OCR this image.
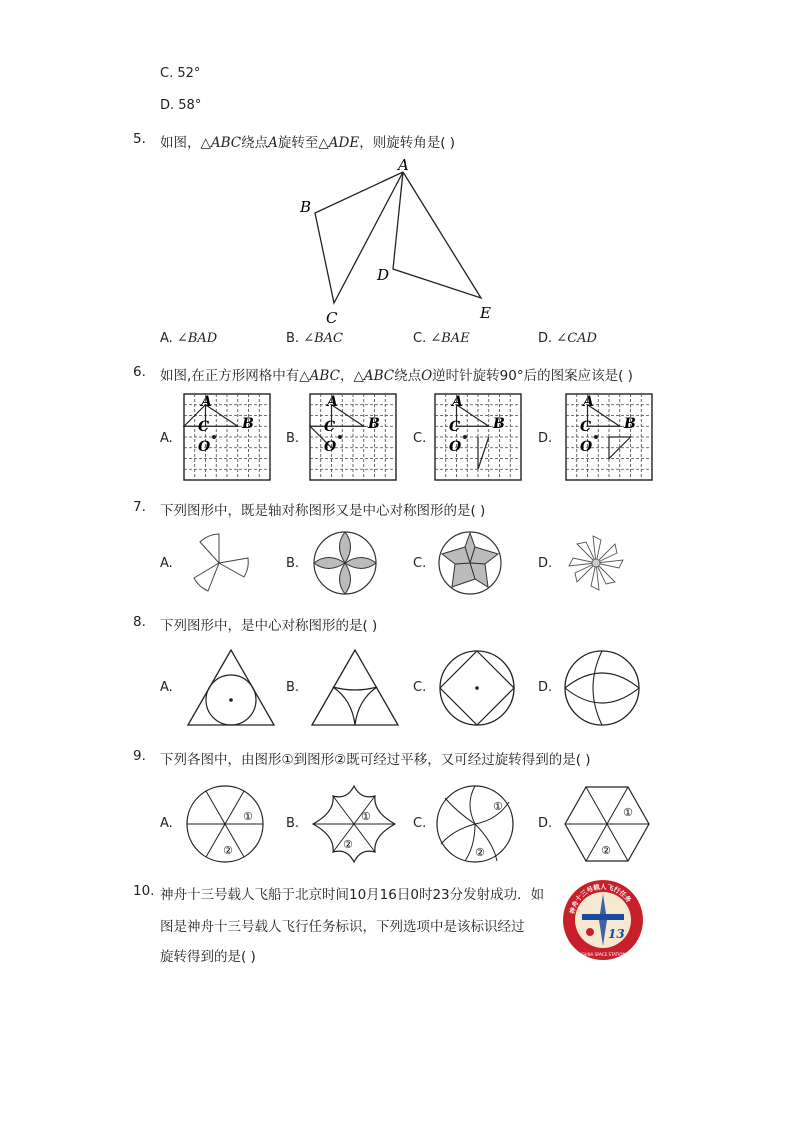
C. 52°
D. 58°
5. 如图，△ABC绕点A旋转至△ADE，则旋转角是( )
A
B
C
D
E
A. ∠BAD	B. ∠BAC	C. ∠BAE	D. ∠CAD
6. 如图,在正方形网格中有△ABC，△ABC绕点O逆时针旋转90°后的图案应该是( )
A.	B.	C.	D.
A
B
C
O
A
B
C
O
A
B
C
O
A
B
C
O
7. 下列图形中，既是轴对称图形又是中心对称图形的是( )
A.	B.	C.	D.
8. 下列图形中，是中心对称图形的是( )
A.	B.	C.	D.
9. 下列各图中，由图形①到图形②既可经过平移，又可经过旋转得到的是( )
A.	B.	C.	D.
①
②
①
②
①
②
①
②
10. 神舟十三号载人飞船于北京时间10月16日0时23分发射成功．如
图是神舟十三号载人飞行任务标识，下列选项中是该标识经过
旋转得到的是( )
神舟十三号载人飞行任务
13
CHINA SPACE STATION
